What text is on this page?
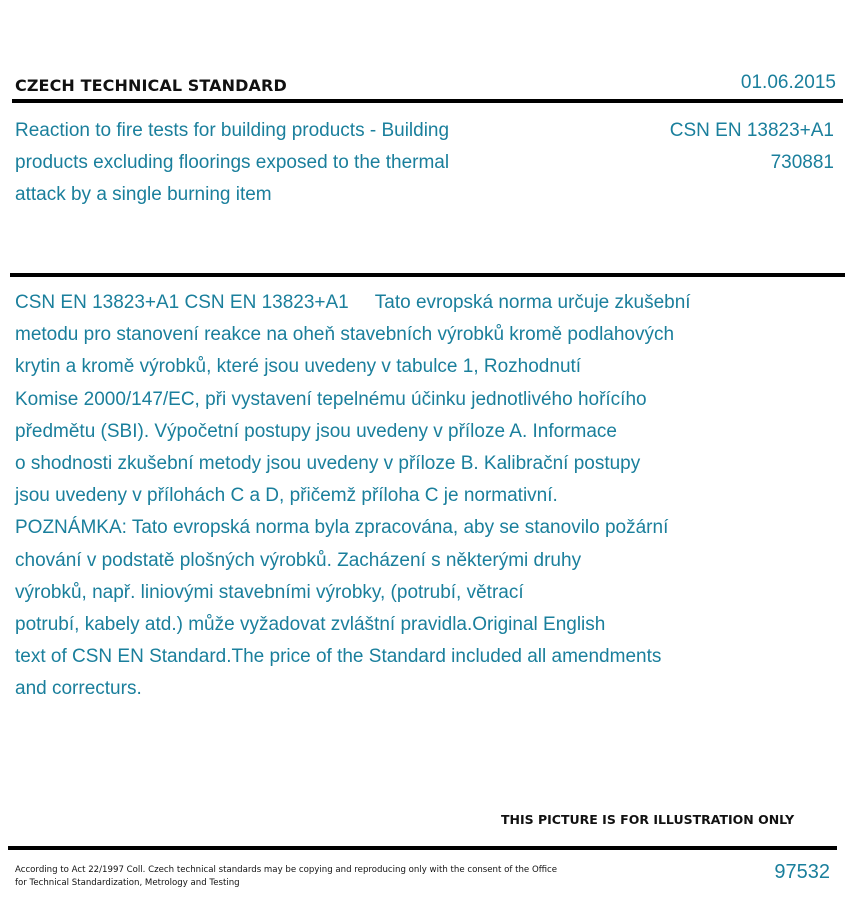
CZECH TECHNICAL STANDARD	01.06.2015
Reaction to fire tests for building products - Building
products excluding floorings exposed to the thermal
attack by a single burning item
CSN EN 13823+A1
730881
CSN EN 13823+A1 CSN EN 13823+A1     Tato evropská norma určuje zkušební
metodu pro stanovení reakce na oheň stavebních výrobků kromě podlahových
krytin a kromě výrobků, které jsou uvedeny v tabulce 1, Rozhodnutí
Komise 2000/147/EC, při vystavení tepelnému účinku jednotlivého hořícího
předmětu (SBI). Výpočetní postupy jsou uvedeny v příloze A. Informace
o shodnosti zkušební metody jsou uvedeny v příloze B. Kalibrační postupy
jsou uvedeny v přílohách C a D, přičemž příloha C je normativní.
POZNÁMKA: Tato evropská norma byla zpracována, aby se stanovilo požární
chování v podstatě plošných výrobků. Zacházení s některými druhy
výrobků, např. liniovými stavebními výrobky, (potrubí, větrací
potrubí, kabely atd.) může vyžadovat zvláštní pravidla.Original English
text of CSN EN Standard.The price of the Standard included all amendments
and correcturs.
THIS PICTURE IS FOR ILLUSTRATION ONLY
According to Act 22/1997 Coll. Czech technical standards may be copying and reproducing only with the consent of the Office
for Technical Standardization, Metrology and Testing	97532
